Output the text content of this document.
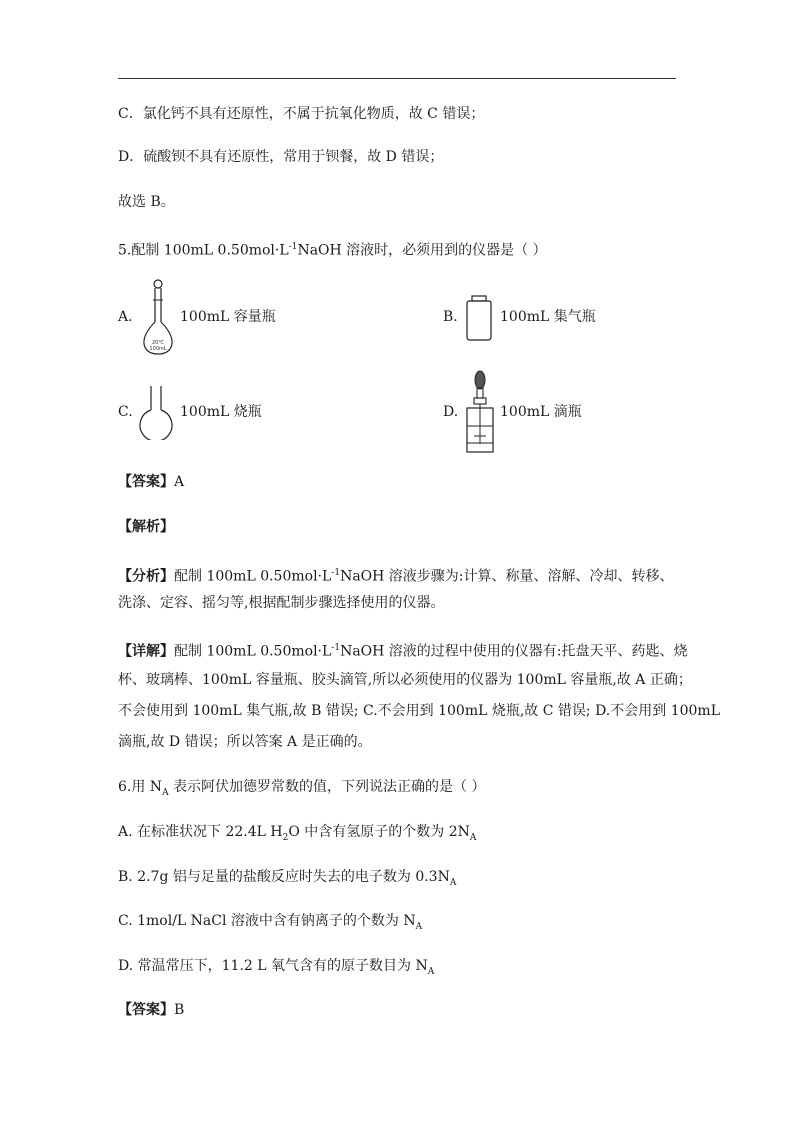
C．氯化钙不具有还原性，不属于抗氧化物质，故 C 错误；
D．硫酸钡不具有还原性，常用于钡餐，故 D 错误；
故选 B。
5.配制 100mL $0.50mol\cdot L^{-1}NaOH$ 溶液时，必须用到的仪器是（ ）
A.
20℃
100mL
100mL 容量瓶	B.	100mL 集气瓶
C.	100mL 烧瓶	D.	100mL 滴瓶
【答案】A
【解析】
【分析】配制 100mL $0.50mol\cdot L^{-1}NaOH$ 溶液步骤为:计算、称量、溶解、冷却、转移、
洗涤、定容、摇匀等,根据配制步骤选择使用的仪器。
【详解】配制 100mL $0.50mol\cdot L^{-1}NaOH$ 溶液的过程中使用的仪器有:托盘天平、药匙、烧
杯、玻璃棒、100mL 容量瓶、胶头滴管,所以必须使用的仪器为 100mL 容量瓶,故 A 正确；
不会使用到 100mL 集气瓶,故 B 错误; C.不会用到 100mL 烧瓶,故 C 错误; D.不会用到 100mL
滴瓶,故 D 错误；所以答案 A 是正确的。
6.用 $N_A$ 表示阿伏加德罗常数的值，下列说法正确的是（ ）
A. 在标准状况下 22.4L $H_2O$ 中含有氢原子的个数为 $2N_A$
B. 2.7g 铝与足量的盐酸反应时失去的电子数为 $0.3N_A$
C. 1mol/L NaCl 溶液中含有钠离子的个数为 $N_A$
D. 常温常压下，11.2 L 氧气含有的原子数目为 $N_A$
【答案】B
